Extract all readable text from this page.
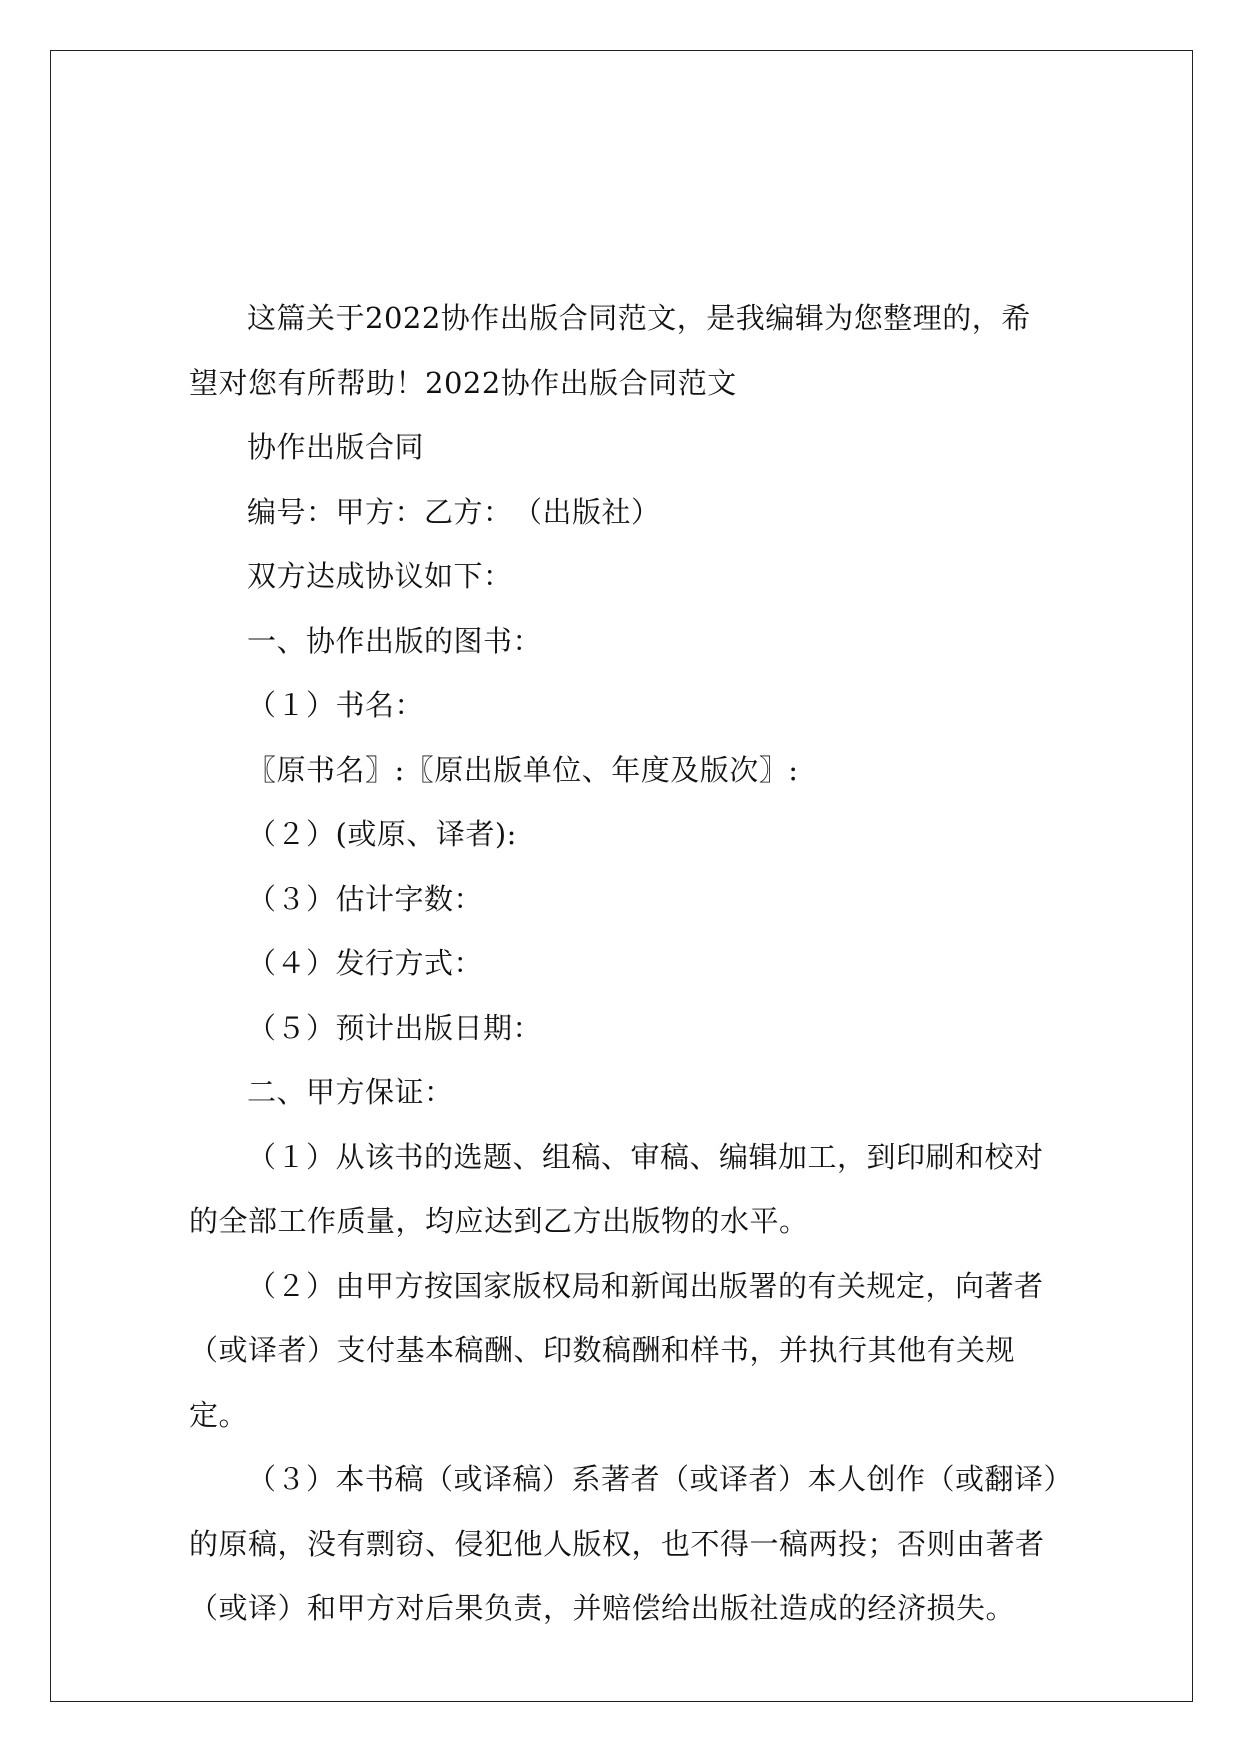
这篇关于2022协作出版合同范文，是我编辑为您整理的，希望对您有所帮助！2022协作出版合同范文

协作出版合同

编号：甲方：乙方：　（出版社）

双方达成协议如下：

一、协作出版的图书：

（１）书名：

〖原书名〗:〖原出版单位、年度及版次〗:

（２）(或原、译者):

（３）估计字数：

（４）发行方式：

（５）预计出版日期：

二、甲方保证：

（１）从该书的选题、组稿、审稿、编辑加工，到印刷和校对的全部工作质量，均应达到乙方出版物的水平。

（２）由甲方按国家版权局和新闻出版署的有关规定，向著者（或译者）支付基本稿酬、印数稿酬和样书，并执行其他有关规定。

（３）本书稿（或译稿）系著者（或译者）本人创作（或翻译）的原稿，没有剽窃、侵犯他人版权，也不得一稿两投；否则由著者（或译）和甲方对后果负责，并赔偿给出版社造成的经济损失。
